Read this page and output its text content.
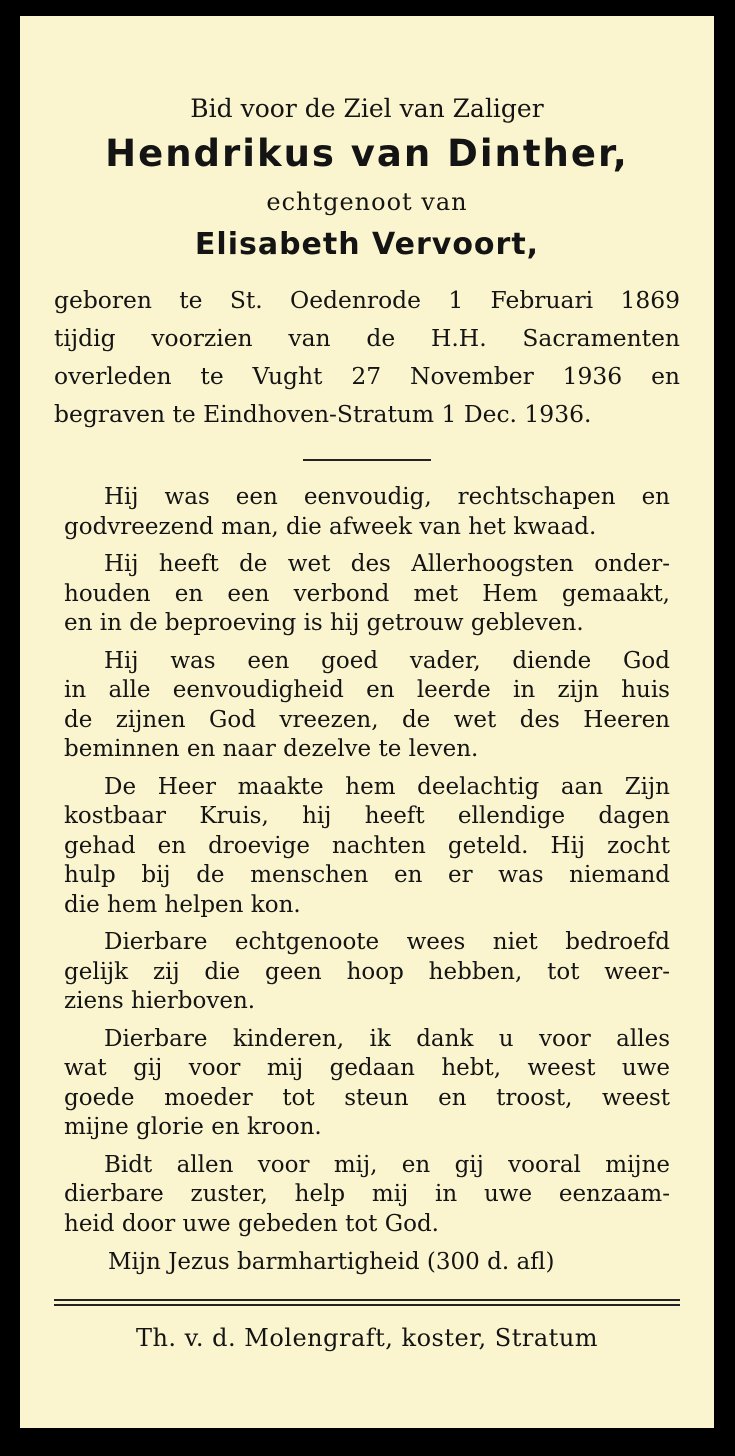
Bid voor de Ziel van Zaliger

Hendrikus van Dinther,

echtgenoot van

Elisabeth Vervoort,

geboren te St. Oedenrode 1 Februari 1869
tijdig voorzien van de H.H. Sacramenten
overleden te Vught 27 November 1936 en
begraven te Eindhoven-Stratum 1 Dec. 1936.
Hij was een eenvoudig, rechtschapen en
godvreezend man, die afweek van het kwaad.
Hij heeft de wet des Allerhoogsten onder-
houden en een verbond met Hem gemaakt,
en in de beproeving is hij getrouw gebleven.
Hij was een goed vader, diende God
in alle eenvoudigheid en leerde in zijn huis
de zijnen God vreezen, de wet des Heeren
beminnen en naar dezelve te leven.
De Heer maakte hem deelachtig aan Zijn
kostbaar Kruis, hij heeft ellendige dagen
gehad en droevige nachten geteld. Hij zocht
hulp bij de menschen en er was niemand
die hem helpen kon.
Dierbare echtgenoote wees niet bedroefd
gelijk zij die geen hoop hebben, tot weer-
ziens hierboven.
Dierbare kinderen, ik dank u voor alles
wat gij voor mij gedaan hebt, weest uwe
goede moeder tot steun en troost, weest
mijne glorie en kroon.
Bidt allen voor mij, en gij vooral mijne
dierbare zuster, help mij in uwe eenzaam-
heid door uwe gebeden tot God.
Mijn Jezus barmhartigheid (300 d. afl)

Th. v. d. Molengraft, koster, Stratum
